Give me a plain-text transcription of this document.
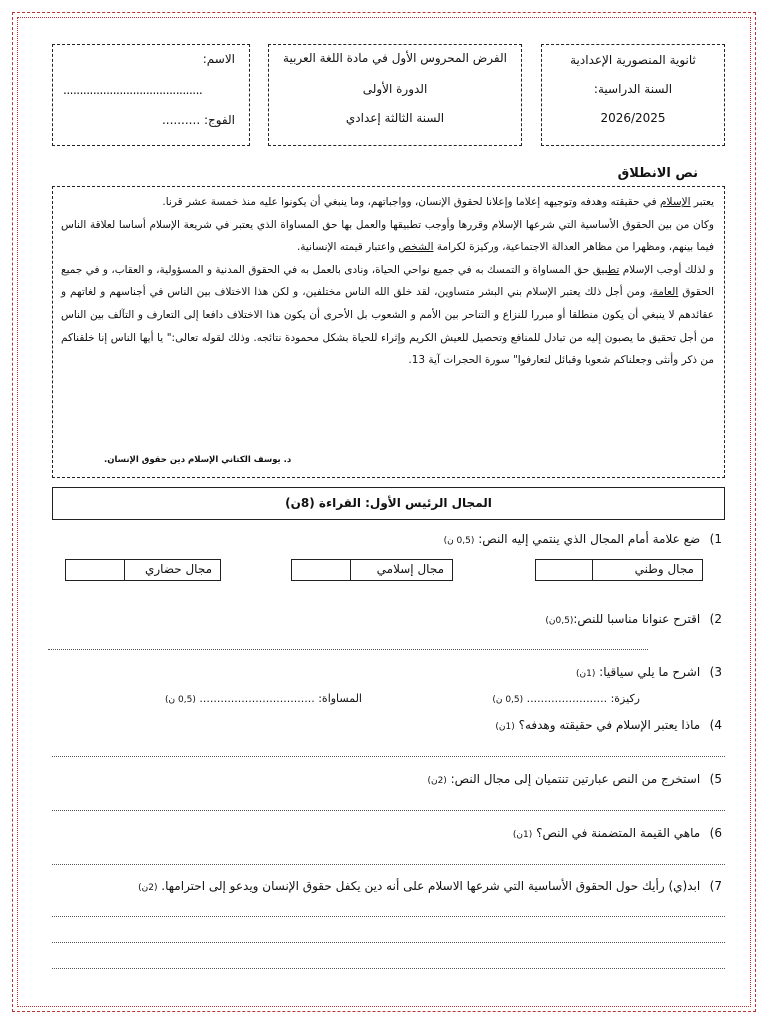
ثانوية المنصورية الإعدادية
السنة الدراسية:
2026/2025
الفرض المحروس الأول في مادة اللغة العربية
الدورة الأولى
السنة الثالثة إعدادي
الاسم:
..........................................
الفوج: ..........
نص الانطلاق

يعتبر الإسلام في حقيقته وهدفه وتوجيهه إعلاما وإعلانا لحقوق الإنسان، وواجباتهم، وما ينبغي أن يكونوا عليه منذ خمسة عشر قرنا.

وكان من بين الحقوق الأساسية التي شرعها الإسلام وقررها وأوجب تطبيقها والعمل بها حق المساواة الذي يعتبر في شريعة الإسلام أساسا لعلاقة الناس فيما بينهم، ومظهرا من مظاهر العدالة الاجتماعية، وركيزة لكرامة الشخص واعتبار قيمته الإنسانية.

و لذلك أوجب الإسلام تطبيق حق المساواة و التمسك به في جميع نواحي الحياة، ونادى بالعمل به في الحقوق المدنية و المسؤولية، و العقاب، و في جميع الحقوق العامة، ومن أجل ذلك يعتبر الإسلام بني البشر متساوين، لقد خلق الله الناس مختلفين، و لكن هذا الاختلاف بين الناس في أجناسهم و لغاتهم و عقائدهم لا ينبغي أن يكون منطلقا أو مبررا للنزاع و التناحر بين الأمم و الشعوب بل الأحرى أن يكون هذا الاختلاف دافعا إلى التعارف و التآلف بين الناس من أجل تحقيق ما يصبون إليه من تبادل للمنافع وتحصيل للعيش الكريم وإثراء للحياة بشكل محمودة نتائجه. وذلك لقوله تعالى:" يا أيها الناس إنا خلقناكم من ذكر وأنثى وجعلناكم شعوبا وقبائل لتعارفوا" سورة الحجرات آية 13.

د. يوسف الكتاني الإسلام دين حقوق الإنسان.
المجال الرئيس الأول: القراءة (8ن)
1) ضع علامة أمام المجال الذي ينتمي إليه النص: (0,5 ن)
مجال وطني
مجال إسلامي
مجال حضاري
2) اقترح عنوانا مناسبا للنص:(0,5ن)
3) اشرح ما يلي سياقيا: (1ن)
ركيزة: ....................... (0,5 ن)
المساواة: ................................. (0,5 ن)
4) ماذا يعتبر الإسلام في حقيقته وهدفه؟ (1ن)
5) استخرج من النص عبارتين تنتميان إلى مجال النص: (2ن)
6) ماهي القيمة المتضمنة في النص؟ (1ن)
7) ابد(ي) رأيك حول الحقوق الأساسية التي شرعها الاسلام على أنه دين يكفل حقوق الإنسان ويدعو إلى احترامها. (2ن)
